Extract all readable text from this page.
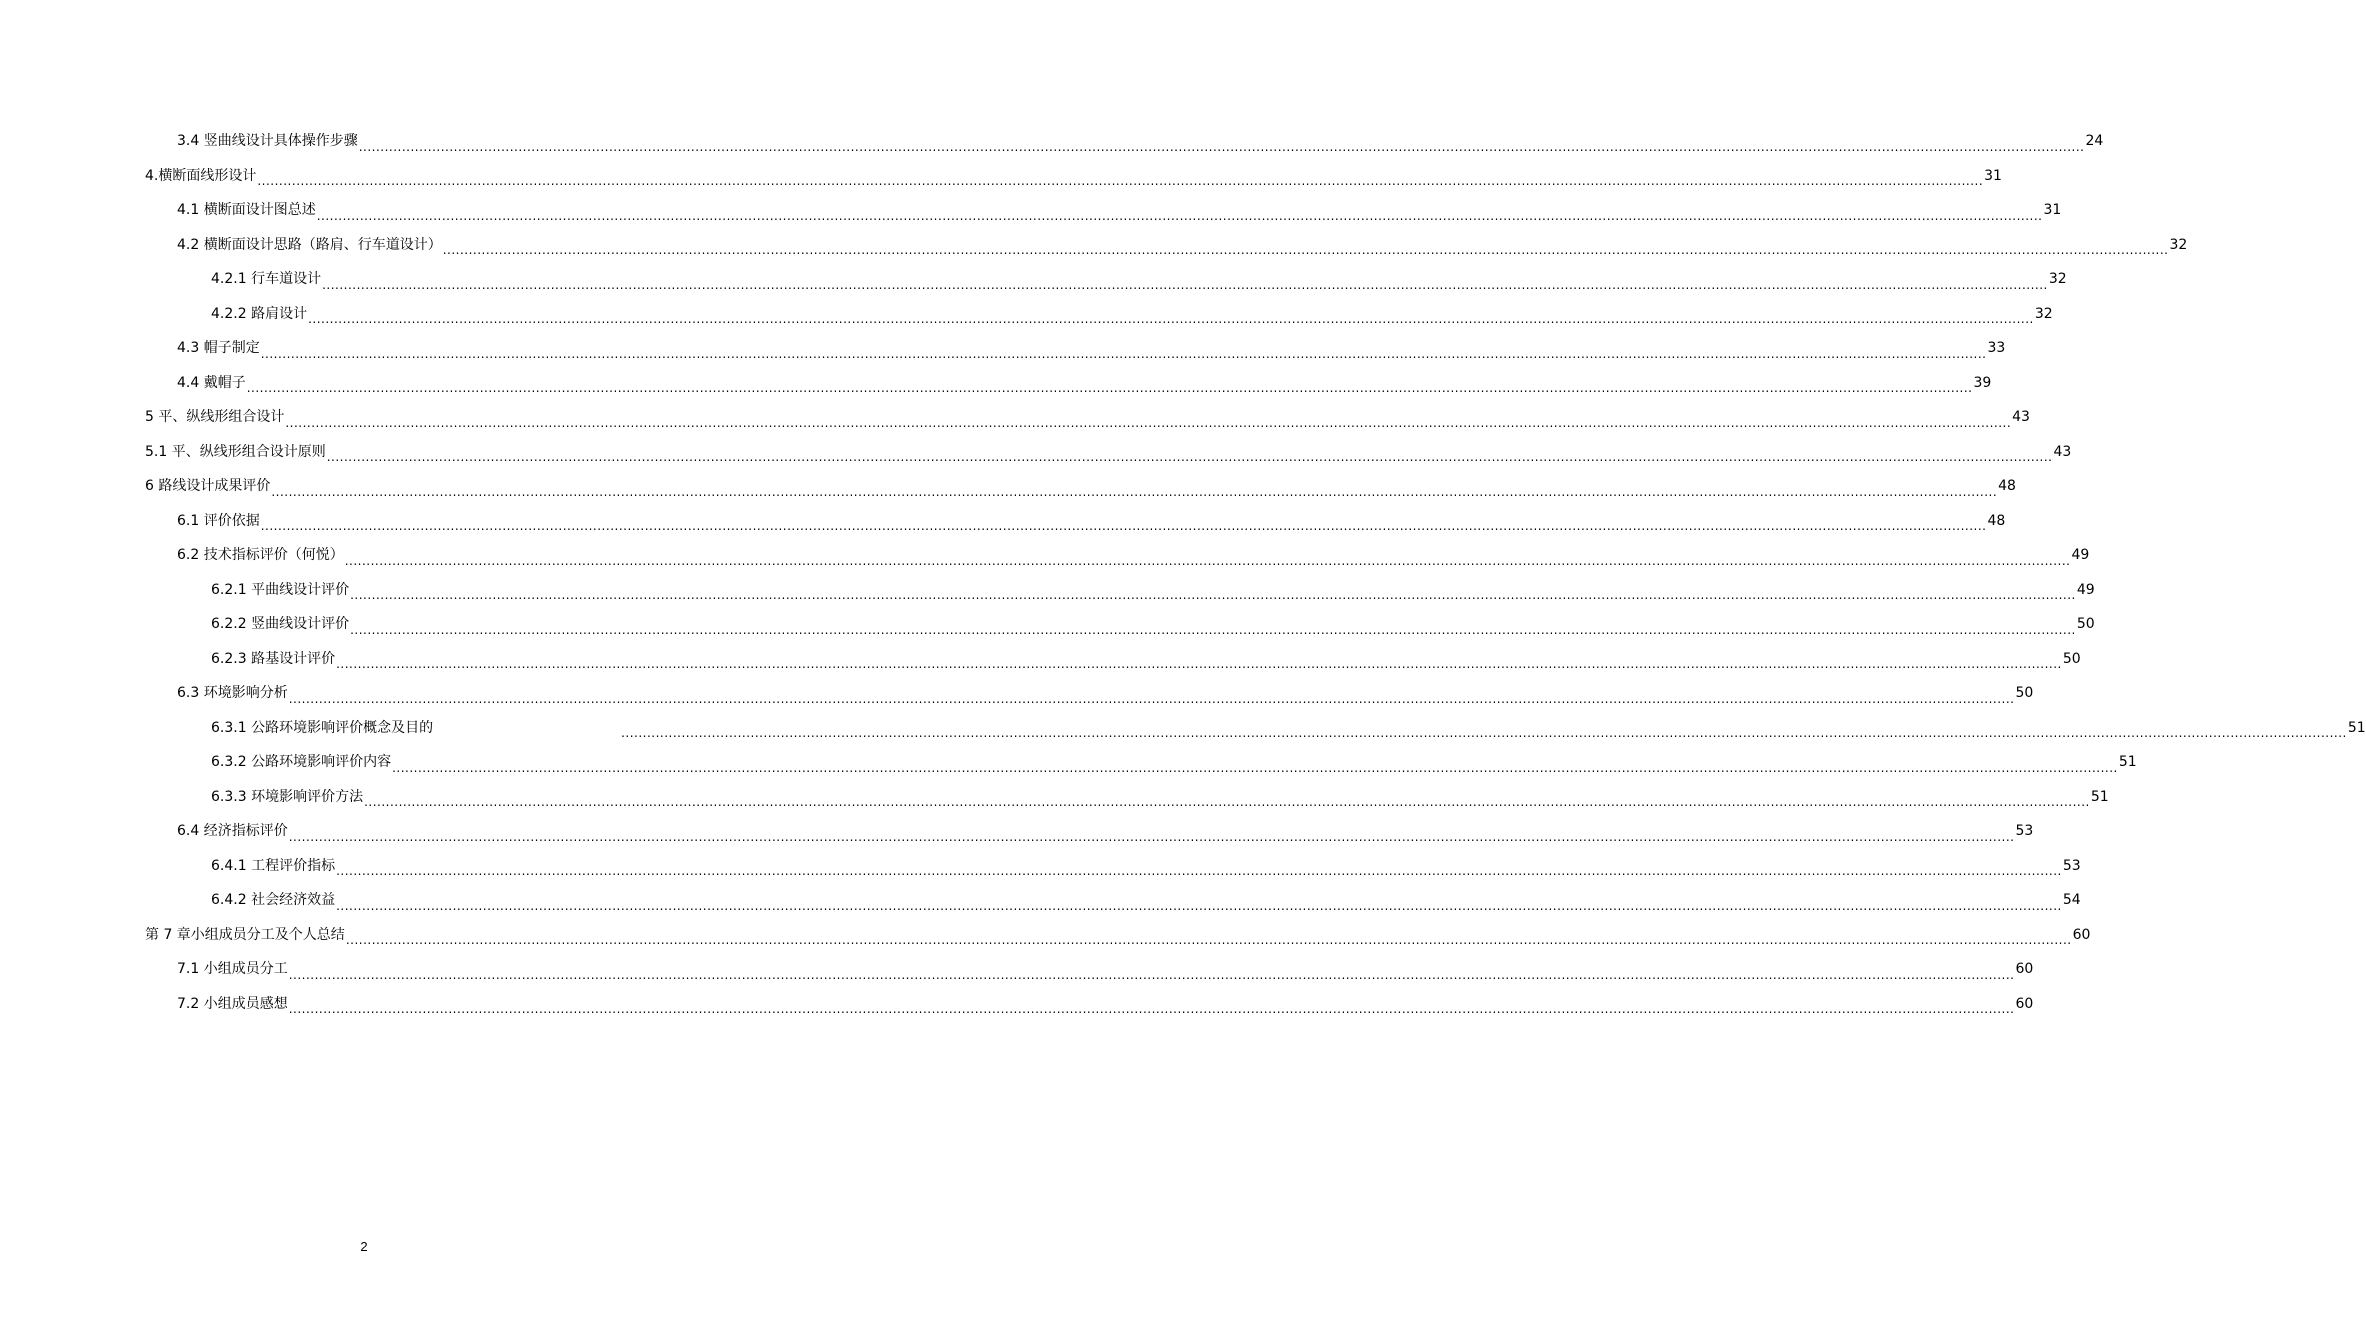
3.4 竖曲线设计具体操作步骤 ................................................................................................................................................................................................................................................................................................................................................................................................................ 24
4.横断面线形设计 ................................................................................................................................................................................................................................................................................................................................................................................................................ 31
4.1 横断面设计图总述 ................................................................................................................................................................................................................................................................................................................................................................................................................ 31
4.2 横断面设计思路（路肩、行车道设计） ................................................................................................................................................................................................................................................................................................................................................................................................................ 32
4.2.1 行车道设计 ................................................................................................................................................................................................................................................................................................................................................................................................................ 32
4.2.2 路肩设计 ................................................................................................................................................................................................................................................................................................................................................................................................................ 32
4.3 帽子制定 ................................................................................................................................................................................................................................................................................................................................................................................................................ 33
4.4 戴帽子 ................................................................................................................................................................................................................................................................................................................................................................................................................ 39
5 平、纵线形组合设计 ................................................................................................................................................................................................................................................................................................................................................................................................................ 43
5.1 平、纵线形组合设计原则 ................................................................................................................................................................................................................................................................................................................................................................................................................ 43
6 路线设计成果评价 ................................................................................................................................................................................................................................................................................................................................................................................................................ 48
6.1 评价依据 ................................................................................................................................................................................................................................................................................................................................................................................................................ 48
6.2 技术指标评价（何悦） ................................................................................................................................................................................................................................................................................................................................................................................................................ 49
6.2.1 平曲线设计评价 ................................................................................................................................................................................................................................................................................................................................................................................................................ 49
6.2.2 竖曲线设计评价 ................................................................................................................................................................................................................................................................................................................................................................................................................ 50
6.2.3 路基设计评价 ................................................................................................................................................................................................................................................................................................................................................................................................................ 50
6.3 环境影响分析 ................................................................................................................................................................................................................................................................................................................................................................................................................ 50
6.3.1 公路环境影响评价概念及目的	................................................................................................................................................................................................................................................................................................................................................................................................................ 51
6.3.2 公路环境影响评价内容 ................................................................................................................................................................................................................................................................................................................................................................................................................ 51
6.3.3 环境影响评价方法 ................................................................................................................................................................................................................................................................................................................................................................................................................ 51
6.4 经济指标评价 ................................................................................................................................................................................................................................................................................................................................................................................................................ 53
6.4.1 工程评价指标 ................................................................................................................................................................................................................................................................................................................................................................................................................ 53
6.4.2 社会经济效益 ................................................................................................................................................................................................................................................................................................................................................................................................................ 54
第 7 章小组成员分工及个人总结 ................................................................................................................................................................................................................................................................................................................................................................................................................ 60
7.1 小组成员分工 ................................................................................................................................................................................................................................................................................................................................................................................................................ 60
7.2 小组成员感想 ................................................................................................................................................................................................................................................................................................................................................................................................................ 60
2
